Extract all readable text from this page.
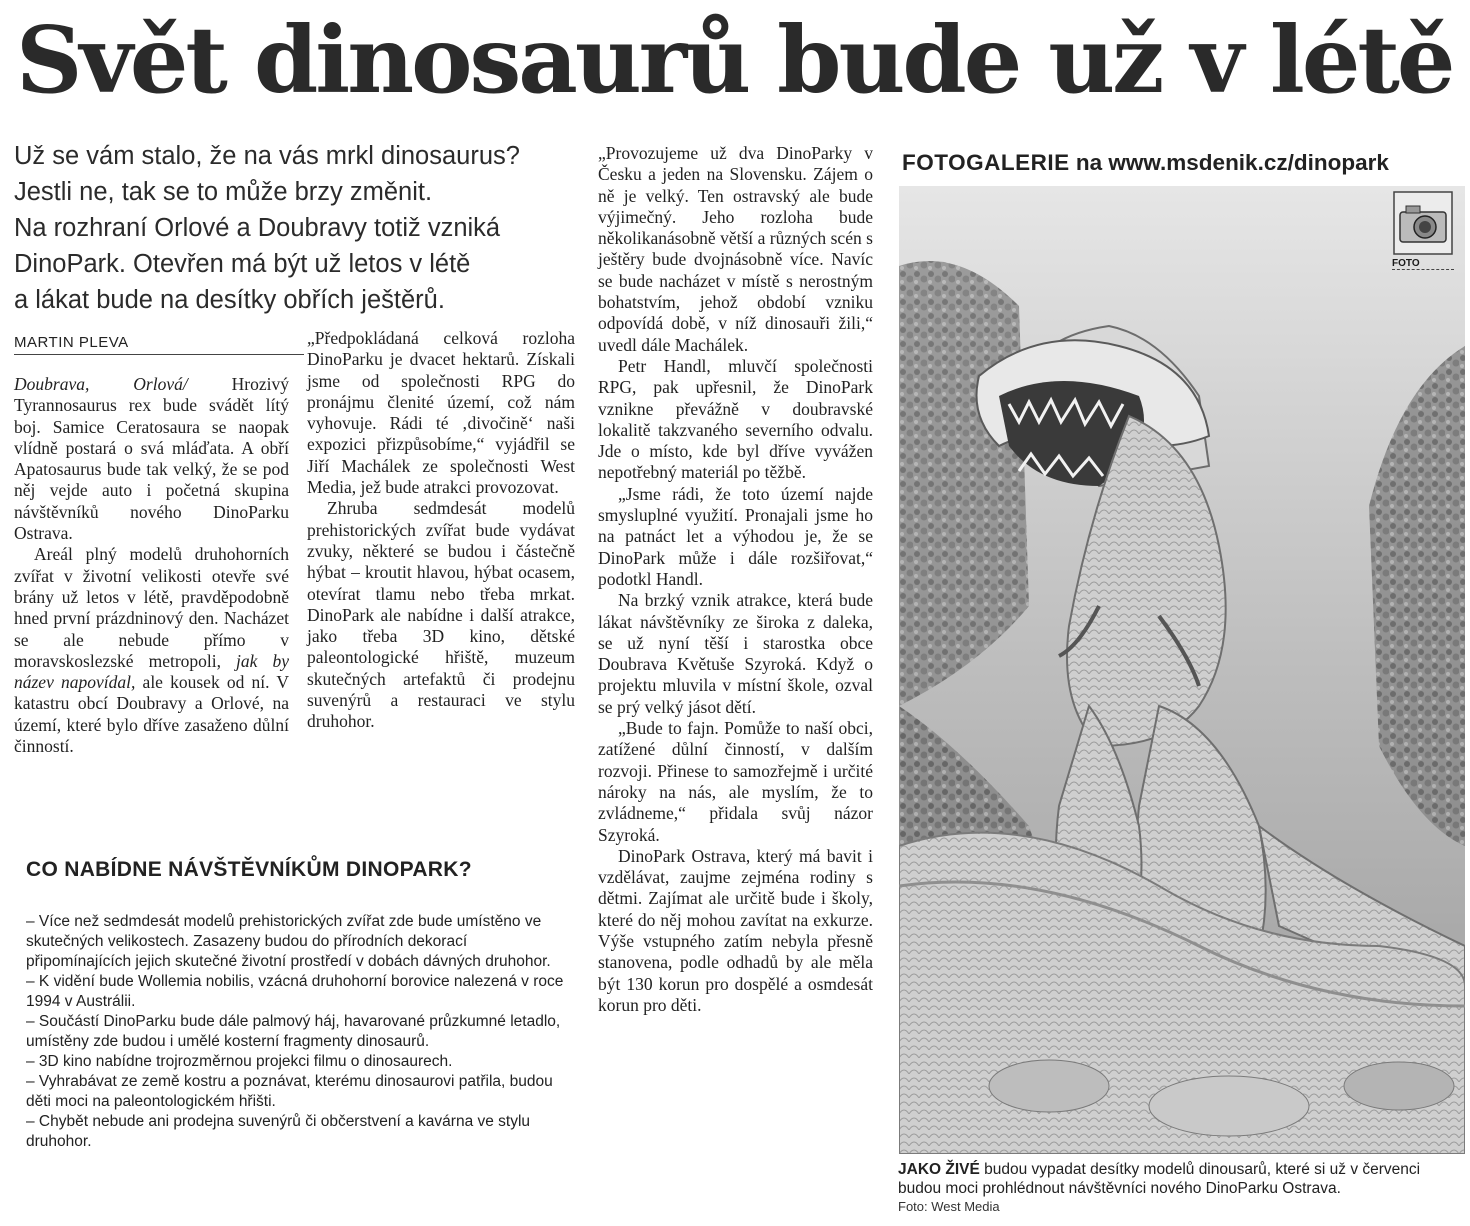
Svět dinosaurů bude už v létě
Už se vám stalo, že na vás mrkl dinosaurus?
Jestli ne, tak se to může brzy změnit.
Na rozhraní Orlové a Doubravy totiž vzniká
DinoPark. Otevřen má být už letos v létě
a lákat bude na desítky obřích ještěrů.
MARTIN PLEVA

Doubrava, Orlová/ Hrozivý Tyrannosaurus rex bude svádět lítý boj. Samice Ceratosaura se naopak vlídně postará o svá mláďata. A obří Apatosaurus bude tak velký, že se pod něj vejde auto i početná skupina návštěvníků nového DinoParku Ostrava.

Areál plný modelů druhohorních zvířat v životní velikosti otevře své brány už letos v létě, pravděpodobně hned první prázdninový den. Nacházet se ale nebude přímo v moravskoslezské metropoli, jak by název napovídal, ale kousek od ní. V katastru obcí Doubravy a Orlové, na území, které bylo dříve zasaženo důlní činností.

„Předpokládaná celková rozloha DinoParku je dvacet hektarů. Získali jsme od společnosti RPG do pronájmu členité území, což nám vyhovuje. Rádi té ‚divočině‘ naši expozici přizpůsobíme,“ vyjádřil se Jiří Machálek ze společnosti West Media, jež bude atrakci provozovat.

Zhruba sedmdesát modelů prehistorických zvířat bude vydávat zvuky, některé se budou i částečně hýbat – kroutit hlavou, hýbat ocasem, otevírat tlamu nebo třeba mrkat. DinoPark ale nabídne i další atrakce, jako třeba 3D kino, dětské paleontologické hřiště, muzeum skutečných artefaktů či prodejnu suvenýrů a restauraci ve stylu druhohor.

„Provozujeme už dva DinoParky v Česku a jeden na Slovensku. Zájem o ně je velký. Ten ostravský ale bude výjimečný. Jeho rozloha bude několikanásobně větší a různých scén s ještěry bude dvojnásobně více. Navíc se bude nacházet v místě s nerostným bohatstvím, jehož období vzniku odpovídá době, v níž dinosauři žili,“ uvedl dále Machálek.

Petr Handl, mluvčí společnosti RPG, pak upřesnil, že DinoPark vznikne převážně v doubravské lokalitě takzvaného severního odvalu. Jde o místo, kde byl dříve vyvážen nepotřebný materiál po těžbě.

„Jsme rádi, že toto území najde smysluplné využití. Pronajali jsme ho na patnáct let a výhodou je, že se DinoPark může i dále rozšiřovat,“ podotkl Handl.

Na brzký vznik atrakce, která bude lákat návštěvníky ze široka z daleka, se už nyní těší i starostka obce Doubrava Květuše Szyroká. Když o projektu mluvila v místní škole, ozval se prý velký jásot dětí.

„Bude to fajn. Pomůže to naší obci, zatížené důlní činností, v dalším rozvoji. Přinese to samozřejmě i určité nároky na nás, ale myslím, že to zvládneme,“ přidala svůj názor Szyroká.

DinoPark Ostrava, který má bavit i vzdělávat, zaujme zejména rodiny s dětmi. Zajímat ale určitě bude i školy, které do něj mohou zavítat na exkurze. Výše vstupného zatím nebyla přesně stanovena, podle odhadů by ale měla být 130 korun pro dospělé a osmdesát korun pro děti.

CO NABÍDNE NÁVŠTĚVNÍKŮM DINOPARK?
– Více než sedmdesát modelů prehistorických zvířat zde bude umístěno ve skutečných velikostech. Zasazeny budou do přírodních dekorací připomínajících jejich skutečné životní prostředí v dobách dávných druhohor.
– K vidění bude Wollemia nobilis, vzácná druhohorní borovice nalezená v roce 1994 v Austrálii.
– Součástí DinoParku bude dále palmový háj, havarované průzkumné letadlo, umístěny zde budou i umělé kosterní fragmenty dinosaurů.
– 3D kino nabídne trojrozměrnou projekci filmu o dinosaurech.
– Vyhrabávat ze země kostru a poznávat, kterému dinosaurovi patřila, budou děti moci na paleontologickém hřišti.
– Chybět nebude ani prodejna suvenýrů či občerstvení a kavárna ve stylu druhohor.
FOTOGALERIE na www.msdenik.cz/dinopark
FOTO
JAKO ŽIVÉ budou vypadat desítky modelů dinousarů, které si už v červenci budou moci prohlédnout návštěvníci nového DinoParku Ostrava.
Foto: West Media
